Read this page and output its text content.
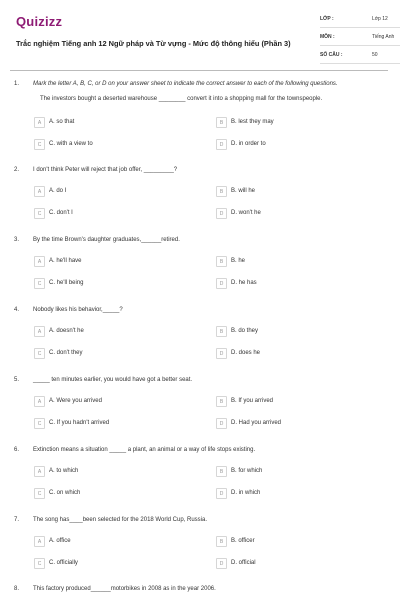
Quizizz
Trắc nghiệm Tiếng anh 12 Ngữ pháp và Từ vựng - Mức độ thông hiểu (Phần 3)
LỚP :	Lớp 12
MÔN :	Tiếng Anh
SỐ CÂU :	50
1. Mark the letter A, B, C, or D on your answer sheet to indicate the correct answer to each of the following questions.
The investors bought a deserted warehouse ________ convert it into a shopping mall for the townspeople.
A	A. so that	B	B. lest they may
C	C. with a view to	D	D. in order to
2. I don't think Peter will reject that job offer, _________?
A	A. do I	B	B. will he
C	C. don't I	D	D. won't he
3. By the time Brown's daughter graduates,______retired.
A	A. he'll have	B	B. he
C	C. he'll being	D	D. he has
4. Nobody likes his behavior,_____?
A	A. doesn't he	B	B. do they
C	C. don't they	D	D. does he
5. _____ ten minutes earlier, you would have got a better seat.
A	A. Were you arrived	B	B. If you arrived
C	C. If you hadn't arrived	D	D. Had you arrived
6. Extinction means a situation _____ a plant, an animal or a way of life stops existing.
A	A. to which	B	B. for which
C	C. on which	D	D. in which
7. The song has____been selected for the 2018 World Cup, Russia.
A	A. office	B	B. officer
C	C. officially	D	D. official
8. This factory produced______motorbikes in 2008 as in the year 2006.
